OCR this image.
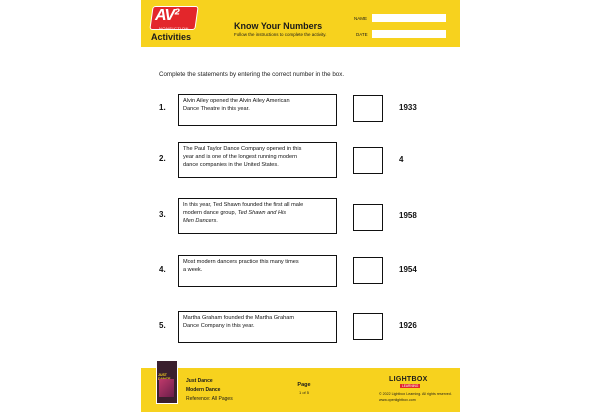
AV²
NONFICTION
Activities
Know Your Numbers
Follow the instructions to complete the activity.
NAME
DATE
Complete the statements by entering the correct number in the box.
1.
Alvin Ailey opened the Alvin Ailey American
Dance Theatre in this year.	1933
2.
The Paul Taylor Dance Company opened in this
year and is one of the longest running modern
dance companies in the United States.
4
3.
In this year, Ted Shawn founded the first all male
modern dance group, Ted Shawn and His
Men Dancers.
1958
4.
Most modern dancers practice this many times
a week.	1954
5.
Martha Graham founded the Martha Graham
Dance Company in this year.	1926
JUST
Just Dance
Modern Dance
Reference: All Pages
Page
1 of 5
LIGHTBOX
LEARNING
© 2022 Lightbox Learning. All rights reserved.
www.openlightbox.com
